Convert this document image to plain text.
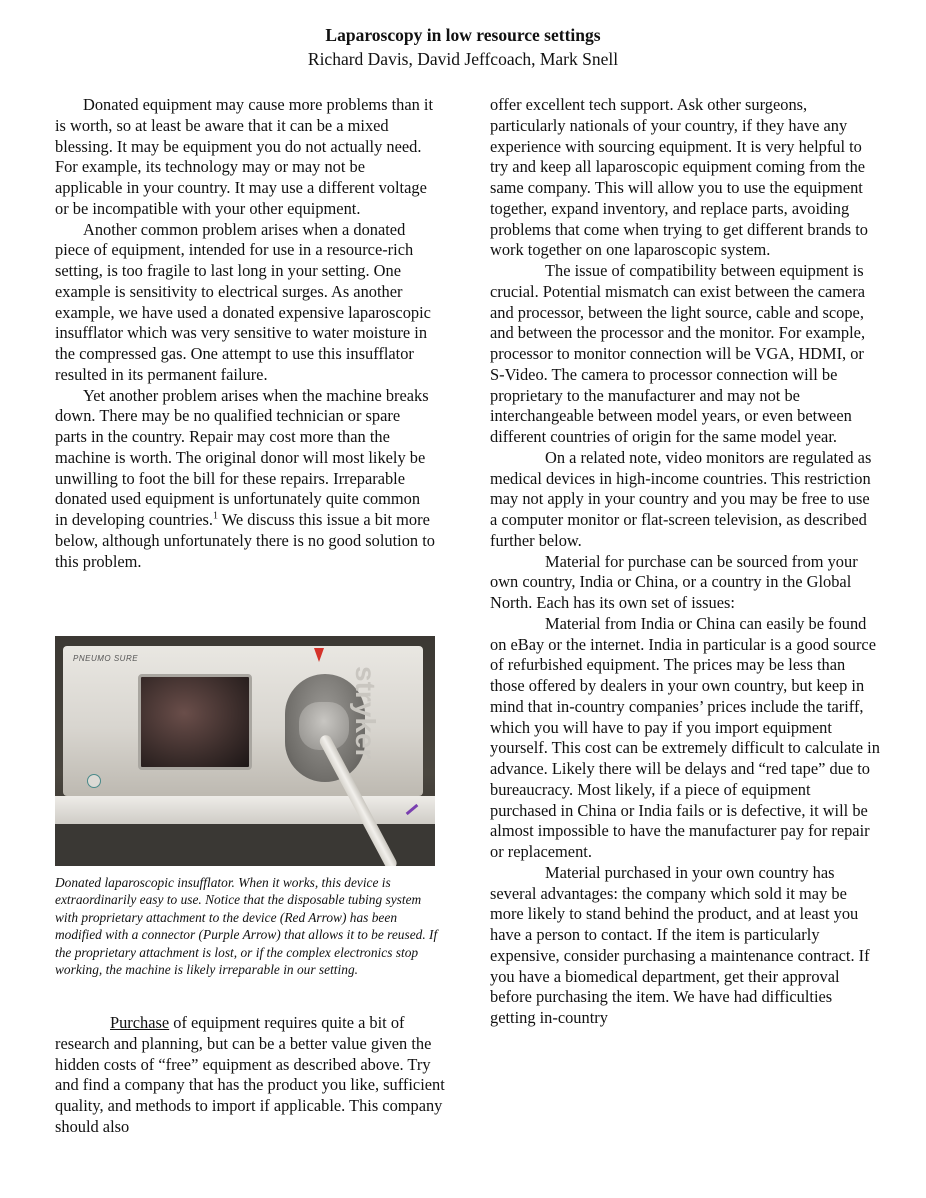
Laparoscopy in low resource settings
Richard Davis, David Jeffcoach, Mark Snell

Donated equipment may cause more problems than it is worth, so at least be aware that it can be a mixed blessing. It may be equipment you do not actually need. For example, its technology may or may not be applicable in your country. It may use a different voltage or be incompatible with your other equipment.

Another common problem arises when a donated piece of equipment, intended for use in a resource-rich setting, is too fragile to last long in your setting. One example is sensitivity to electrical surges. As another example, we have used a donated expensive laparoscopic insufflator which was very sensitive to water moisture in the compressed gas. One attempt to use this insufflator resulted in its permanent failure.

Yet another problem arises when the machine breaks down. There may be no qualified technician or spare parts in the country. Repair may cost more than the machine is worth. The original donor will most likely be unwilling to foot the bill for these repairs. Irreparable donated used equipment is unfortunately quite common in developing countries.$^1$ We discuss this issue a bit more below, although unfortunately there is no good solution to this problem.

PNEUMO SURE
stryker
Donated laparoscopic insufflator. When it works, this device is extraordinarily easy to use. Notice that the disposable tubing system with proprietary attachment to the device (Red Arrow) has been modified with a connector (Purple Arrow) that allows it to be reused. If the proprietary attachment is lost, or if the complex electronics stop working, the machine is likely irreparable in our setting.

Purchase of equipment requires quite a bit of research and planning, but can be a better value given the hidden costs of “free” equipment as described above. Try and find a company that has the product you like, sufficient quality, and methods to import if applicable. This company should also

offer excellent tech support. Ask other surgeons, particularly nationals of your country, if they have any experience with sourcing equipment. It is very helpful to try and keep all laparoscopic equipment coming from the same company. This will allow you to use the equipment together, expand inventory, and replace parts, avoiding problems that come when trying to get different brands to work together on one laparoscopic system.

The issue of compatibility between equipment is crucial. Potential mismatch can exist between the camera and processor, between the light source, cable and scope, and between the processor and the monitor. For example, processor to monitor connection will be VGA, HDMI, or S-Video. The camera to processor connection will be proprietary to the manufacturer and may not be interchangeable between model years, or even between different countries of origin for the same model year.

On a related note, video monitors are regulated as medical devices in high-income countries. This restriction may not apply in your country and you may be free to use a computer monitor or flat-screen television, as described further below.

Material for purchase can be sourced from your own country, India or China, or a country in the Global North. Each has its own set of issues:

Material from India or China can easily be found on eBay or the internet. India in particular is a good source of refurbished equipment. The prices may be less than those offered by dealers in your own country, but keep in mind that in-country companies’ prices include the tariff, which you will have to pay if you import equipment yourself. This cost can be extremely difficult to calculate in advance. Likely there will be delays and “red tape” due to bureaucracy. Most likely, if a piece of equipment purchased in China or India fails or is defective, it will be almost impossible to have the manufacturer pay for repair or replacement.

Material purchased in your own country has several advantages: the company which sold it may be more likely to stand behind the product, and at least you have a person to contact. If the item is particularly expensive, consider purchasing a maintenance contract. If you have a biomedical department, get their approval before purchasing the item. We have had difficulties getting in-country
